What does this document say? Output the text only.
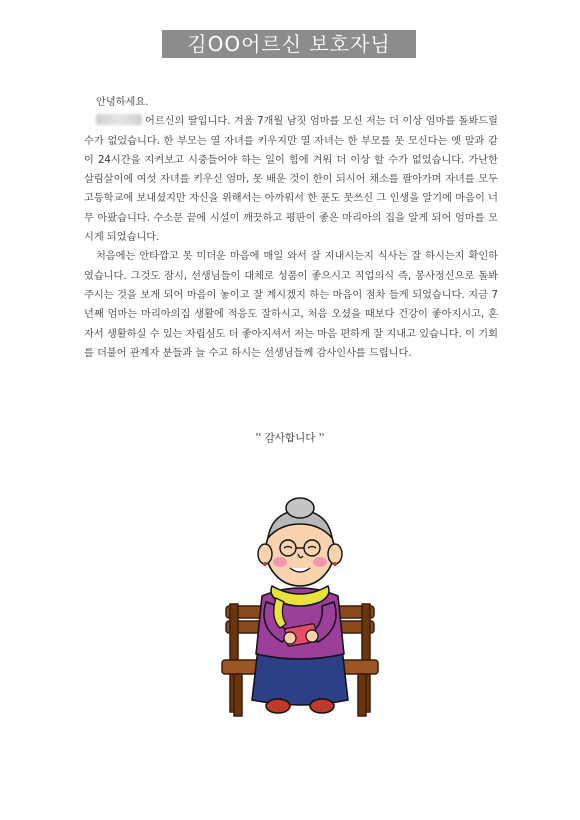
김OO어르신 보호자님

안녕하세요.

어르신의 딸입니다. 겨울 7개월 남짓 엄마를 모신 저는 더 이상 엄마를 돌봐드릴 수가 없었습니다. 한 부모는 열 자녀를 키우지만 열 자녀는 한 부모를 못 모신다는 옛 말과 같이 24시간을 지켜보고 시중들어야 하는 일이 힘에 겨워 더 이상 할 수가 없었습니다. 가난한 살림살이에 여섯 자녀를 키우신 엄마, 못 배운 것이 한이 되시어 채소를 팔아가며 자녀를 모두 고등학교에 보내셨지만 자신을 위해서는 아까워서 한 푼도 못쓰신 그 인생을 알기에 마음이 너무 아팠습니다. 수소문 끝에 시설이 깨끗하고 평판이 좋은 마리아의 집을 알게 되어 엄마를 모시게 되었습니다.

처음에는 안타깝고 못 미더운 마음에 매일 와서 잘 지내시는지 식사는 잘 하시는지 확인하였습니다. 그것도 잠시, 선생님들이 대체로 성품이 좋으시고 직업의식 즉, 봉사정신으로 돌봐주시는 것을 보게 되어 마음이 놓이고 잘 계시겠지 하는 마음이 점차 들게 되었습니다. 지금 7년째 엄마는 마리아의집 생활에 적응도 잘하시고, 처음 오셨을 때보다 건강이 좋아지시고, 혼자서 생활하실 수 있는 자립심도 더 좋아지셔서 저는 마음 편하게 잘 지내고 있습니다. 이 기회를 더불어 관계자 분들과 늘 수고 하시는 선생님들께 감사인사를 드립니다.

'' 감사합니다 ''
